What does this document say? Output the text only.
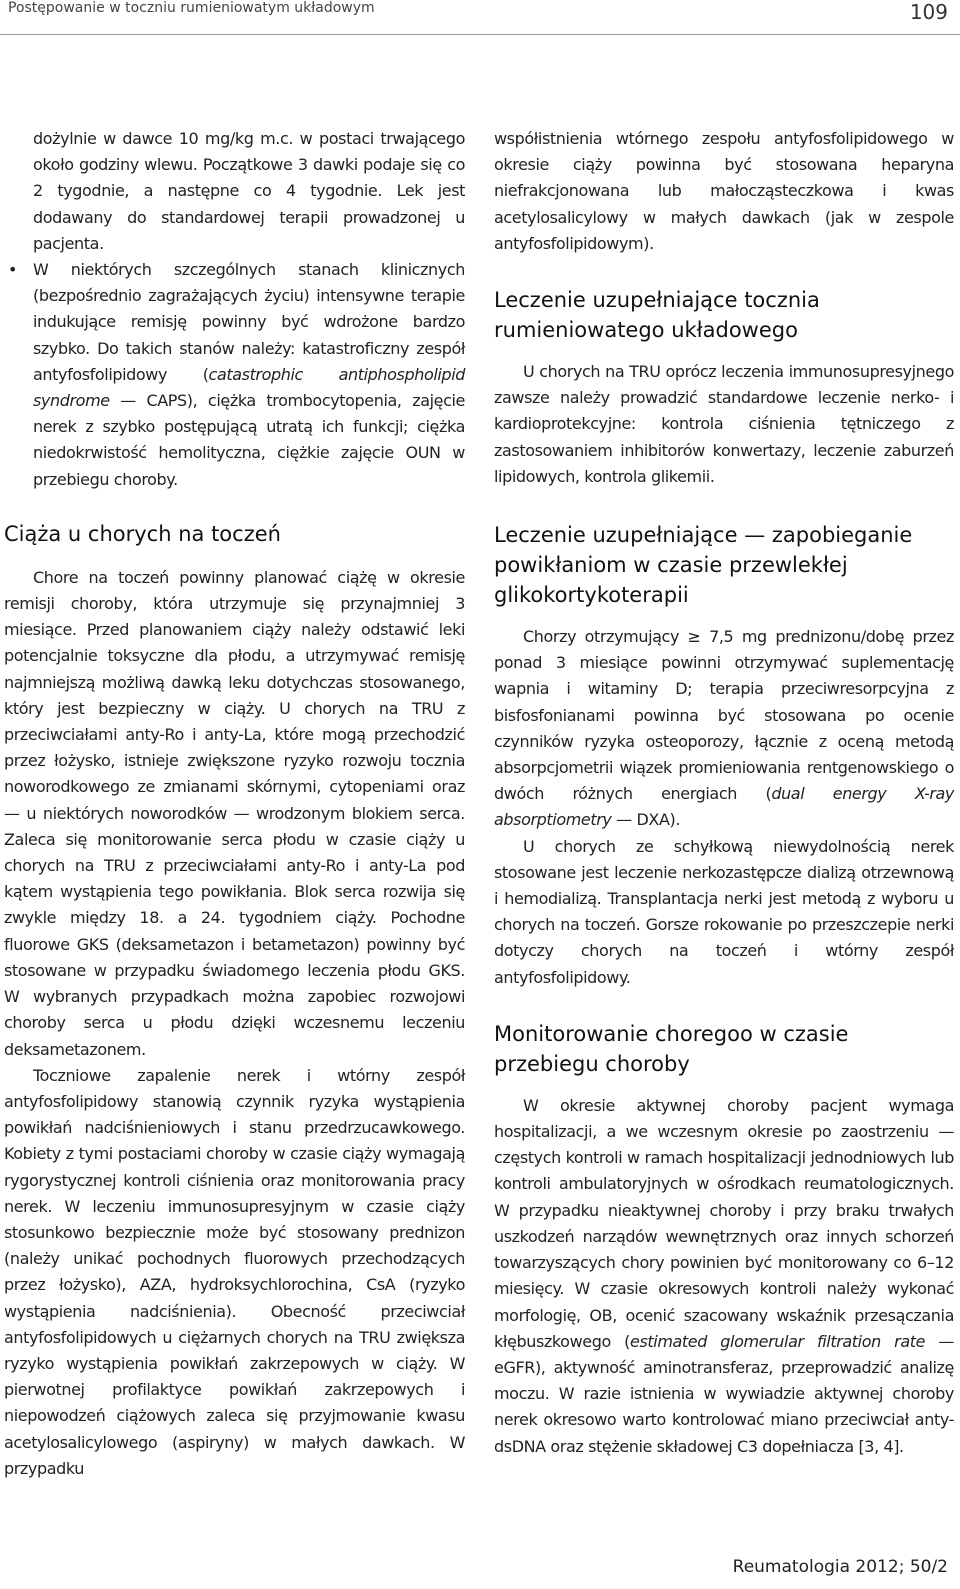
Postępowanie w toczniu rumieniowatym układowym	109

dożylnie w dawce 10 mg/kg m.c. w postaci trwającego około godziny wlewu. Początkowe 3 dawki podaje się co 2 tygodnie, a następne co 4 tygodnie. Lek jest dodawany do standardowej terapii prowadzonej u pacjenta.

• W niektórych szczególnych stanach klinicznych (bezpośrednio zagrażających życiu) intensywne terapie indukujące remisję powinny być wdrożone bardzo szybko. Do takich stanów należy: katastroficzny zespół antyfosfolipidowy (catastrophic antiphospholipid syndrome — CAPS), ciężka trombocytopenia, zajęcie nerek z szybko postępującą utratą ich funkcji; ciężka niedokrwistość hemolityczna, ciężkie zajęcie OUN w przebiegu choroby.
Ciąża u chorych na toczeń

Chore na toczeń powinny planować ciążę w okresie remisji choroby, która utrzymuje się przynajmniej 3 miesiące. Przed planowaniem ciąży należy odstawić leki potencjalnie toksyczne dla płodu, a utrzymywać remisję najmniejszą możliwą dawką leku dotychczas stosowanego, który jest bezpieczny w ciąży. U chorych na TRU z przeciwciałami anty-Ro i anty-La, które mogą przechodzić przez łożysko, istnieje zwiększone ryzyko rozwoju tocznia noworodkowego ze zmianami skórnymi, cytopeniami oraz — u niektórych noworodków — wrodzonym blokiem serca. Zaleca się monitorowanie serca płodu w czasie ciąży u chorych na TRU z przeciwciałami anty-Ro i anty-La pod kątem wystąpienia tego powikłania. Blok serca rozwija się zwykle między 18. a 24. tygodniem ciąży. Pochodne fluorowe GKS (deksametazon i betametazon) powinny być stosowane w przypadku świadomego leczenia płodu GKS. W wybranych przypadkach można zapobiec rozwojowi choroby serca u płodu dzięki wczesnemu leczeniu deksametazonem.

Toczniowe zapalenie nerek i wtórny zespół antyfosfolipidowy stanowią czynnik ryzyka wystąpienia powikłań nadciśnieniowych i stanu przedrzucawkowego. Kobiety z tymi postaciami choroby w czasie ciąży wymagają rygorystycznej kontroli ciśnienia oraz monitorowania pracy nerek. W leczeniu immunosupresyjnym w czasie ciąży stosunkowo bezpiecznie może być stosowany prednizon (należy unikać pochodnych fluorowych przechodzących przez łożysko), AZA, hydroksychlorochina, CsA (ryzyko wystąpienia nadciśnienia). Obecność przeciwciał antyfosfolipidowych u ciężarnych chorych na TRU zwiększa ryzyko wystąpienia powikłań zakrzepowych w ciąży. W pierwotnej profilaktyce powikłań zakrzepowych i niepowodzeń ciążowych zaleca się przyjmowanie kwasu acetylosalicylowego (aspiryny) w małych dawkach. W przypadku

współistnienia wtórnego zespołu antyfosfolipidowego w okresie ciąży powinna być stosowana heparyna niefrakcjonowana lub małocząsteczkowa i kwas acetylosalicylowy w małych dawkach (jak w zespole antyfosfolipidowym).

Leczenie uzupełniające tocznia rumieniowatego układowego

U chorych na TRU oprócz leczenia immunosupresyjnego zawsze należy prowadzić standardowe leczenie nerko- i kardioprotekcyjne: kontrola ciśnienia tętniczego z zastosowaniem inhibitorów konwertazy, leczenie zaburzeń lipidowych, kontrola glikemii.

Leczenie uzupełniające — zapobieganie powikłaniom w czasie przewlekłej glikokortykoterapii

Chorzy otrzymujący ≥ 7,5 mg prednizonu/dobę przez ponad 3 miesiące powinni otrzymywać suplementację wapnia i witaminy D; terapia przeciwresorpcyjna z bisfosfonianami powinna być stosowana po ocenie czynników ryzyka osteoporozy, łącznie z oceną metodą absorpcjometrii wiązek promieniowania rentgenowskiego o dwóch różnych energiach (dual energy X-ray absorptiometry — DXA).

U chorych ze schyłkową niewydolnością nerek stosowane jest leczenie nerkozastępcze dializą otrzewnową i hemodializą. Transplantacja nerki jest metodą z wyboru u chorych na toczeń. Gorsze rokowanie po przeszczepie nerki dotyczy chorych na toczeń i wtórny zespół antyfosfolipidowy.

Monitorowanie choregoo w czasie przebiegu choroby

W okresie aktywnej choroby pacjent wymaga hospitalizacji, a we wczesnym okresie po zaostrzeniu — częstych kontroli w ramach hospitalizacji jednodniowych lub kontroli ambulatoryjnych w ośrodkach reumatologicznych. W przypadku nieaktywnej choroby i przy braku trwałych uszkodzeń narządów wewnętrznych oraz innych schorzeń towarzyszących chory powinien być monitorowany co 6–12 miesięcy. W czasie okresowych kontroli należy wykonać morfologię, OB, ocenić szacowany wskaźnik przesączania kłębuszkowego (estimated glomerular filtration rate — eGFR), aktywność aminotransferaz, przeprowadzić analizę moczu. W razie istnienia w wywiadzie aktywnej choroby nerek okresowo warto kontrolować miano przeciwciał anty-dsDNA oraz stężenie składowej C3 dopełniacza [3, 4].

Reumatologia 2012; 50/2
